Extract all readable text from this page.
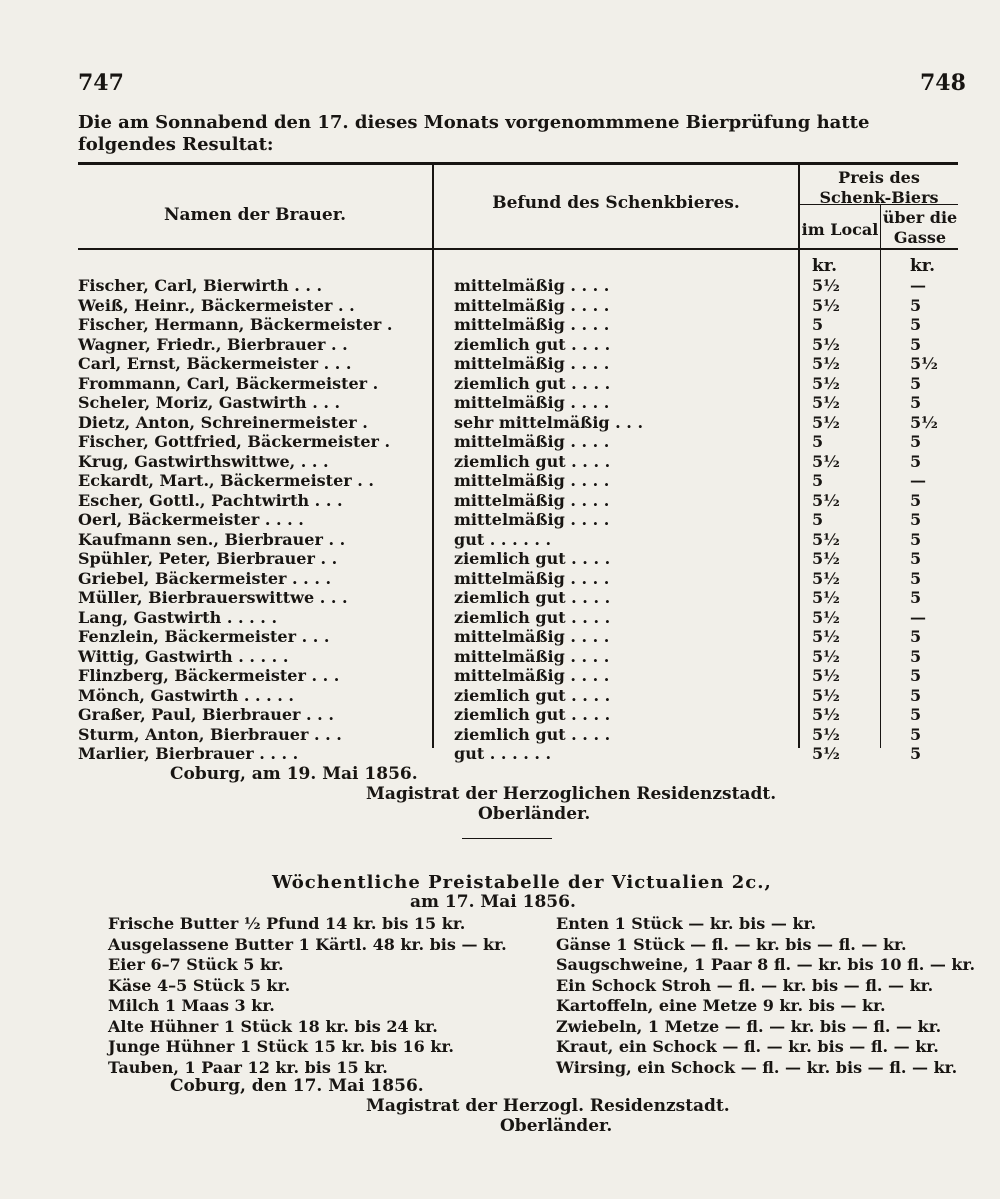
747	748
Die am Sonnabend den 17. dieses Monats vorgenommmene Bierprüfung hatte folgendes Resultat:
Namen der Brauer.
Befund des Schenkbieres.
Preis des Schenk-Biers
im Local
über die Gasse
kr.	kr.
Fischer, Carl, Bierwirth . . .	mittelmäßig . . . .	5½	—
Weiß, Heinr., Bäckermeister . .	mittelmäßig . . . .	5½	5
Fischer, Hermann, Bäckermeister .	mittelmäßig . . . .	5	5
Wagner, Friedr., Bierbrauer . .	ziemlich gut . . . .	5½	5
Carl, Ernst, Bäckermeister . . .	mittelmäßig . . . .	5½	5½
Frommann, Carl, Bäckermeister .	ziemlich gut . . . .	5½	5
Scheler, Moriz, Gastwirth . . .	mittelmäßig . . . .	5½	5
Dietz, Anton, Schreinermeister .	sehr mittelmäßig . . .	5½	5½
Fischer, Gottfried, Bäckermeister .	mittelmäßig . . . .	5	5
Krug, Gastwirthswittwe, . . .	ziemlich gut . . . .	5½	5
Eckardt, Mart., Bäckermeister . .	mittelmäßig . . . .	5	—
Escher, Gottl., Pachtwirth . . .	mittelmäßig . . . .	5½	5
Oerl, Bäckermeister . . . .	mittelmäßig . . . .	5	5
Kaufmann sen., Bierbrauer . .	gut . . . . . .	5½	5
Spühler, Peter, Bierbrauer . .	ziemlich gut . . . .	5½	5
Griebel, Bäckermeister . . . .	mittelmäßig . . . .	5½	5
Müller, Bierbrauerswittwe . . .	ziemlich gut . . . .	5½	5
Lang, Gastwirth . . . . .	ziemlich gut . . . .	5½	—
Fenzlein, Bäckermeister . . .	mittelmäßig . . . .	5½	5
Wittig, Gastwirth . . . . .	mittelmäßig . . . .	5½	5
Flinzberg, Bäckermeister . . .	mittelmäßig . . . .	5½	5
Mönch, Gastwirth . . . . .	ziemlich gut . . . .	5½	5
Graßer, Paul, Bierbrauer . . .	ziemlich gut . . . .	5½	5
Sturm, Anton, Bierbrauer . . .	ziemlich gut . . . .	5½	5
Marlier, Bierbrauer . . . .	gut . . . . . .	5½	5
Coburg, am 19. Mai 1856.
Magistrat der Herzoglichen Residenzstadt.
Oberländer.
Wöchentliche Preistabelle der Victualien 2c.,
am 17. Mai 1856.
Frische Butter ½ Pfund 14 kr. bis 15 kr.
Ausgelassene Butter 1 Kärtl. 48 kr. bis — kr.
Eier 6–7 Stück 5 kr.
Käse 4–5 Stück 5 kr.
Milch 1 Maas 3 kr.
Alte Hühner 1 Stück 18 kr. bis 24 kr.
Junge Hühner 1 Stück 15 kr. bis 16 kr.
Tauben, 1 Paar 12 kr. bis 15 kr.
Enten 1 Stück — kr. bis — kr.
Gänse 1 Stück — fl. — kr. bis — fl. — kr.
Saugschweine, 1 Paar 8 fl. — kr. bis 10 fl. — kr.
Ein Schock Stroh — fl. — kr. bis — fl. — kr.
Kartoffeln, eine Metze 9 kr. bis — kr.
Zwiebeln, 1 Metze — fl. — kr. bis — fl. — kr.
Kraut, ein Schock — fl. — kr. bis — fl. — kr.
Wirsing, ein Schock — fl. — kr. bis — fl. — kr.
Coburg, den 17. Mai 1856.
Magistrat der Herzogl. Residenzstadt.
Oberländer.
